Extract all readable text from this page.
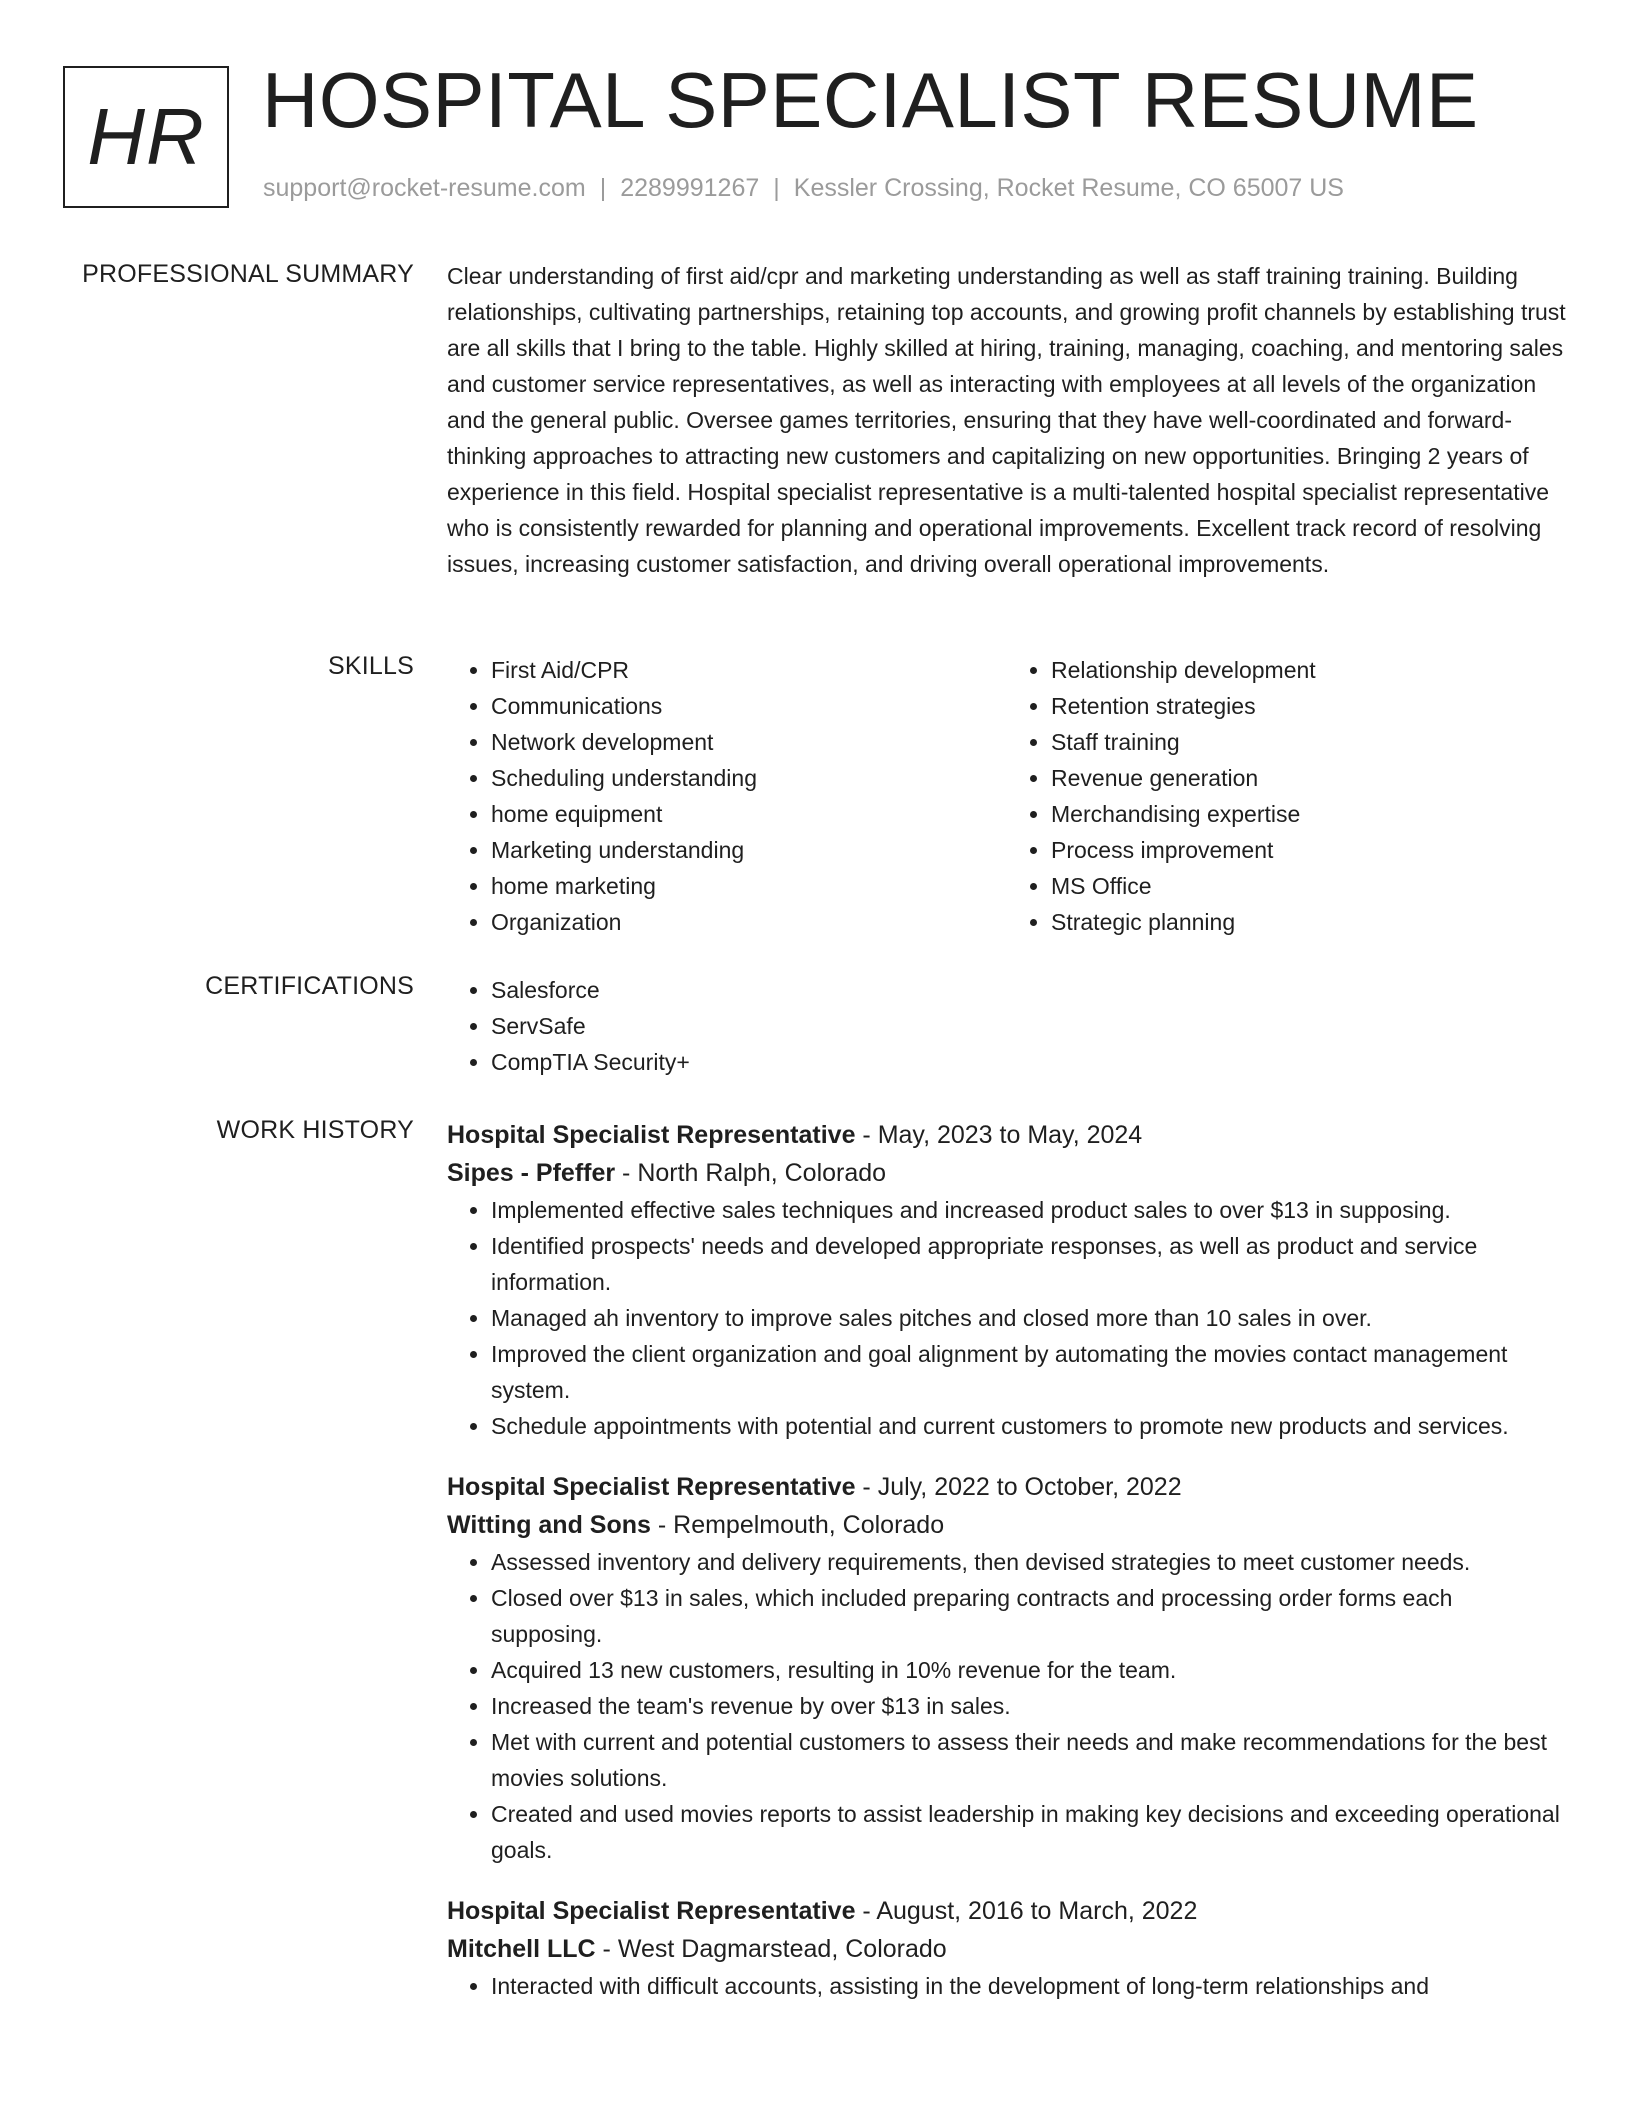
HR HOSPITAL SPECIALIST RESUME
support@rocket-resume.com | 2289991267 | Kessler Crossing, Rocket Resume, CO 65007 US
PROFESSIONAL SUMMARY Clear understanding of first aid/cpr and marketing understanding as well as staff training training. Building relationships, cultivating partnerships, retaining top accounts, and growing profit channels by establishing trust are all skills that I bring to the table. Highly skilled at hiring, training, managing, coaching, and mentoring sales and customer service representatives, as well as interacting with employees at all levels of the organization and the general public. Oversee games territories, ensuring that they have well-coordinated and forward-thinking approaches to attracting new customers and capitalizing on new opportunities. Bringing 2 years of experience in this field. Hospital specialist representative is a multi-talented hospital specialist representative who is consistently rewarded for planning and operational improvements. Excellent track record of resolving issues, increasing customer satisfaction, and driving overall operational improvements.

SKILLS	• First Aid/CPR
• Communications
• Network development
• Scheduling understanding
• home equipment
• Marketing understanding
• home marketing
• Organization
• Relationship development
• Retention strategies
• Staff training
• Revenue generation
• Merchandising expertise
• Process improvement
• MS Office
• Strategic planning
CERTIFICATIONS	• Salesforce
• ServSafe
• CompTIA Security+
WORK HISTORY Hospital Specialist Representative - May, 2023 to May, 2024
Sipes - Pfeffer - North Ralph, Colorado
• Implemented effective sales techniques and increased product sales to over $13 in supposing.
• Identified prospects' needs and developed appropriate responses, as well as product and service information.
• Managed ah inventory to improve sales pitches and closed more than 10 sales in over.
• Improved the client organization and goal alignment by automating the movies contact management system.
• Schedule appointments with potential and current customers to promote new products and services.
Hospital Specialist Representative - July, 2022 to October, 2022
Witting and Sons - Rempelmouth, Colorado
• Assessed inventory and delivery requirements, then devised strategies to meet customer needs.
• Closed over $13 in sales, which included preparing contracts and processing order forms each supposing.
• Acquired 13 new customers, resulting in 10% revenue for the team.
• Increased the team's revenue by over $13 in sales.
• Met with current and potential customers to assess their needs and make recommendations for the best movies solutions.
• Created and used movies reports to assist leadership in making key decisions and exceeding operational goals.
Hospital Specialist Representative - August, 2016 to March, 2022
Mitchell LLC - West Dagmarstead, Colorado
• Interacted with difficult accounts, assisting in the development of long-term relationships and
